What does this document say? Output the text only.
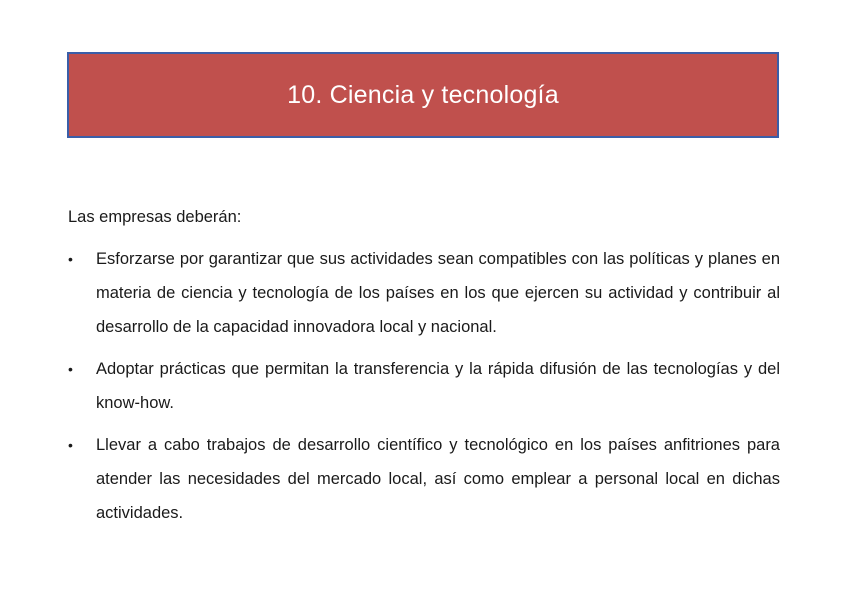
10. Ciencia y tecnología
Las empresas deberán:
• Esforzarse por garantizar que sus actividades sean compatibles con las políticas y planes en materia de ciencia y tecnología de los países en los que ejercen su actividad y contribuir al desarrollo de la capacidad innovadora local y nacional.
• Adoptar prácticas que permitan la transferencia y la rápida difusión de las tecnologías y del know-how.
• Llevar a cabo trabajos de desarrollo científico y tecnológico en los países anfitriones para atender las necesidades del mercado local, así como emplear a personal local en dichas actividades.
